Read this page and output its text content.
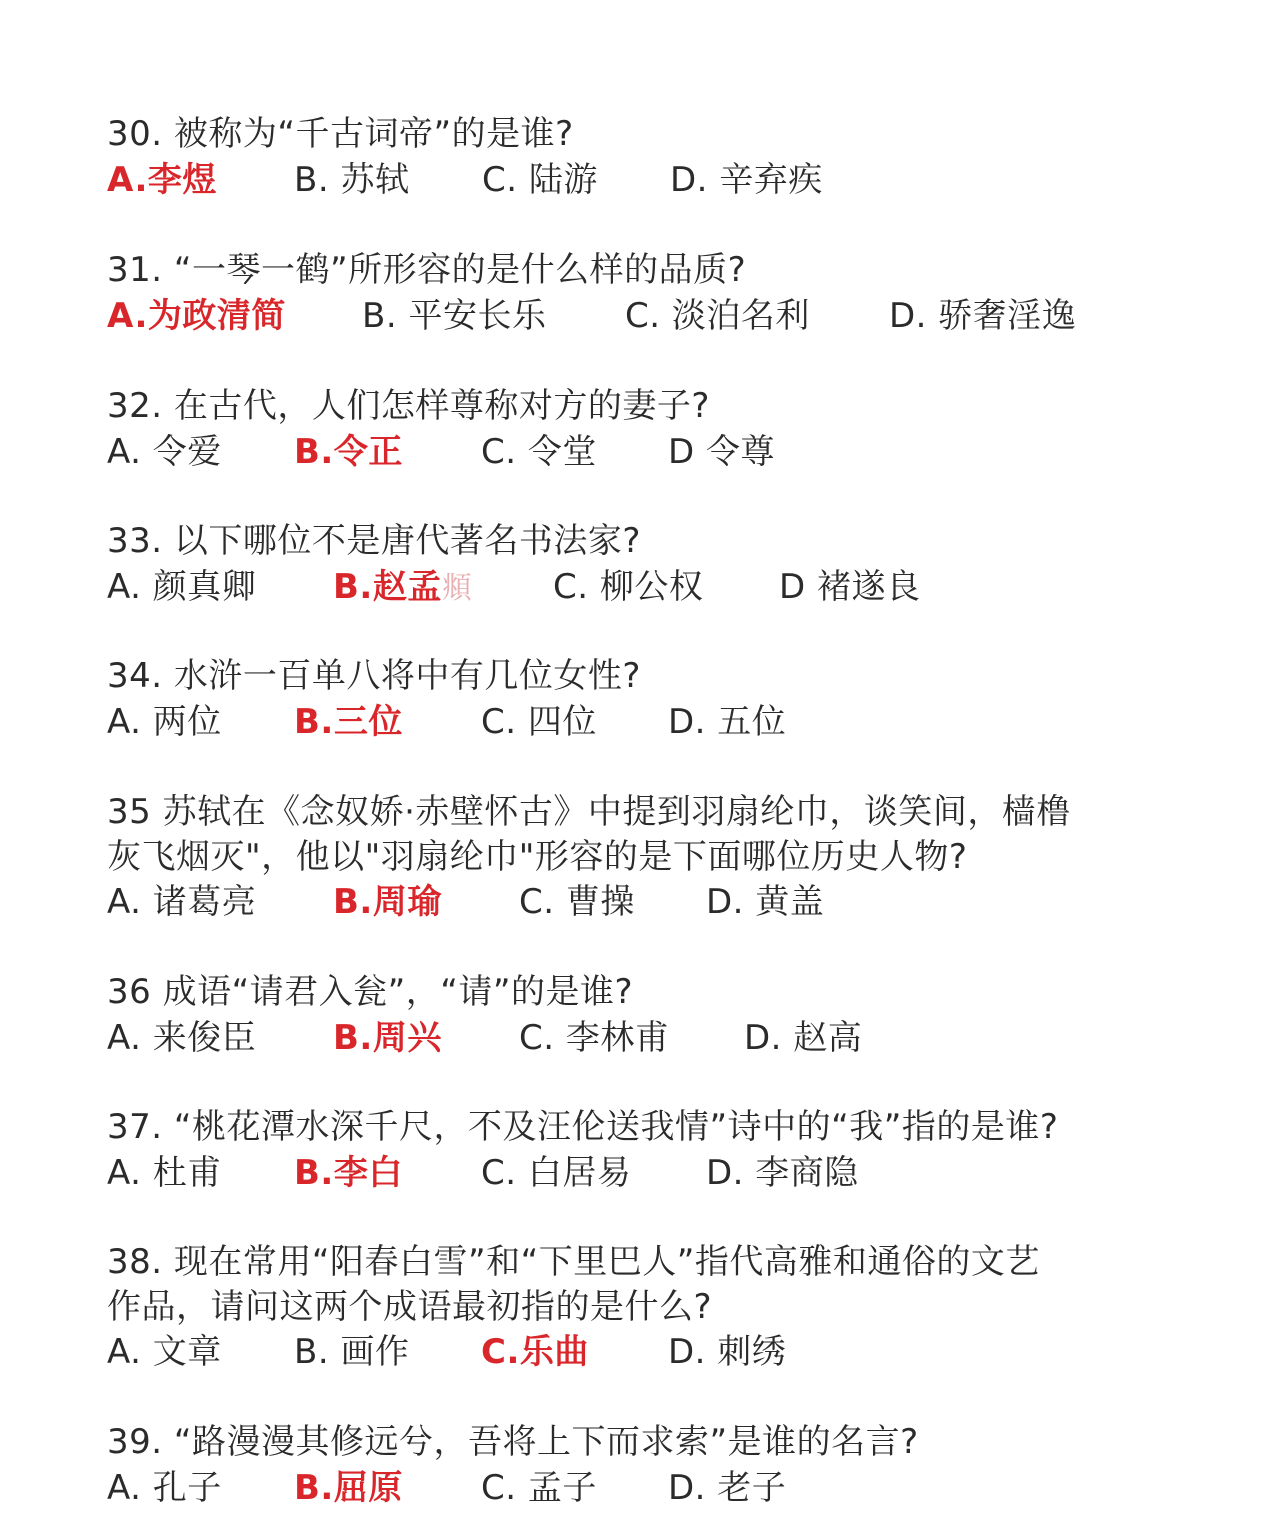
30. 被称为“千古词帝”的是谁?
A.李煜 B. 苏轼 C. 陆游 D. 辛弃疾
31. “一琴一鹤”所形容的是什么样的品质?
A.为政清简 B. 平安长乐 C. 淡泊名利 D. 骄奢淫逸
32. 在古代，人们怎样尊称对方的妻子?
A. 令爱 B.令正 C. 令堂 D 令尊
33. 以下哪位不是唐代著名书法家?
A. 颜真卿 B.赵孟頫 C. 柳公权 D 褚遂良
34. 水浒一百单八将中有几位女性?
A. 两位 B.三位 C. 四位 D. 五位
35 苏轼在《念奴娇·赤壁怀古》中提到羽扇纶巾，谈笑间，樯橹
灰飞烟灭"，他以"羽扇纶巾"形容的是下面哪位历史人物?
A. 诸葛亮 B.周瑜 C. 曹操 D. 黄盖
36 成语“请君入瓮”，“请”的是谁?
A. 来俊臣 B.周兴 C. 李林甫 D. 赵高
37. “桃花潭水深千尺，不及汪伦送我情”诗中的“我”指的是谁?
A. 杜甫 B.李白 C. 白居易 D. 李商隐
38. 现在常用“阳春白雪”和“下里巴人”指代高雅和通俗的文艺
作品，请问这两个成语最初指的是什么?
A. 文章 B. 画作 C.乐曲 D. 刺绣
39. “路漫漫其修远兮，吾将上下而求索”是谁的名言?
A. 孔子 B.屈原 C. 孟子 D. 老子
